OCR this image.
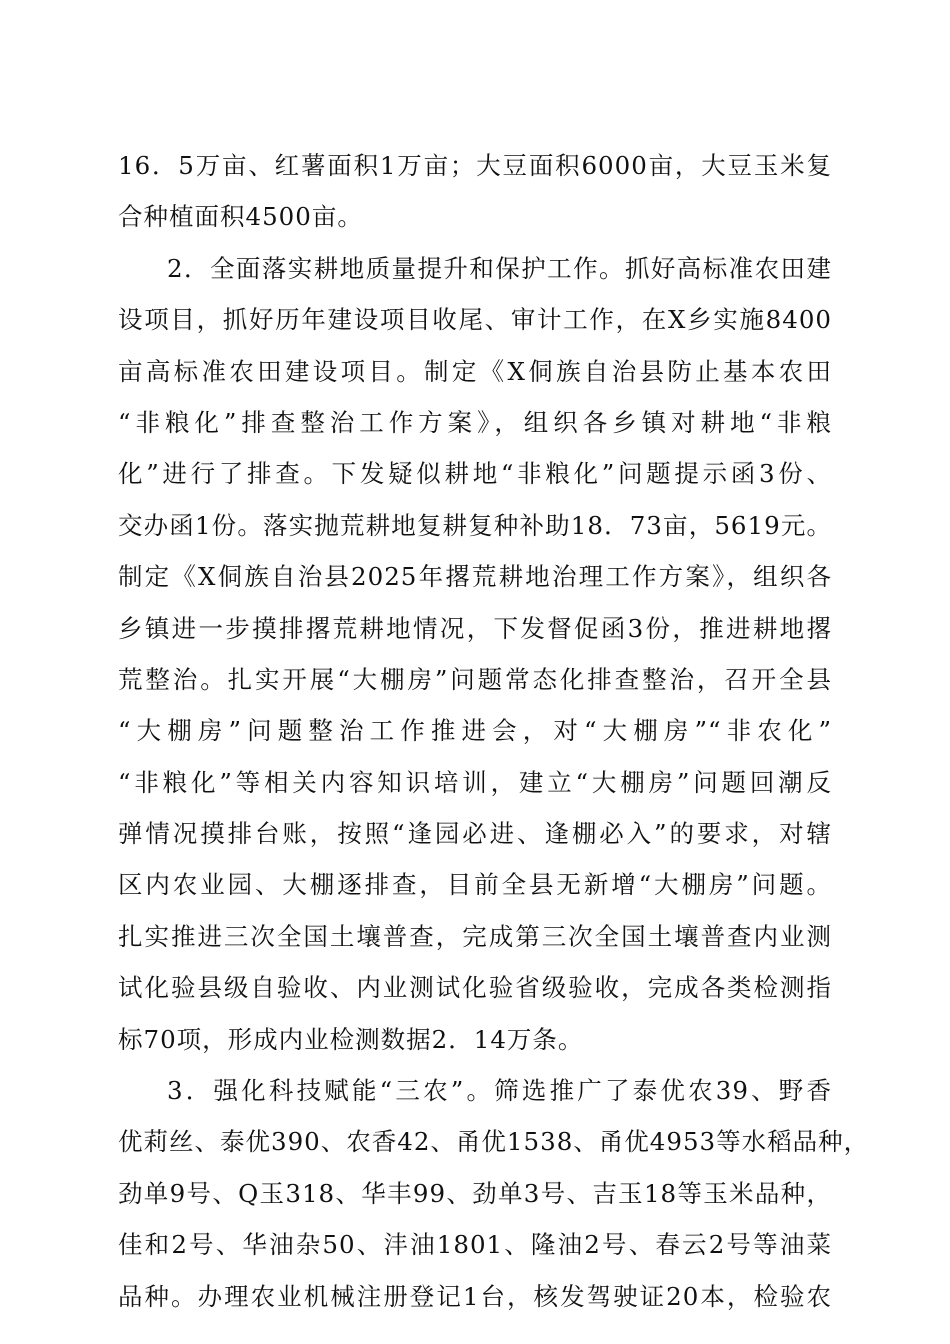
16．5万亩、红薯面积1万亩；大豆面积6000亩，大豆玉米复
合种植面积4500亩。
2．全面落实耕地质量提升和保护工作。抓好高标准农田建
设项目，抓好历年建设项目收尾、审计工作，在X乡实施8400
亩高标准农田建设项目。制定《X侗族自治县防止基本农田
“非粮化”排查整治工作方案》，组织各乡镇对耕地“非粮
化”进行了排查。下发疑似耕地“非粮化”问题提示函3份、
交办函1份。落实抛荒耕地复耕复种补助18．73亩，5619元。
制定《X侗族自治县2025年撂荒耕地治理工作方案》，组织各
乡镇进一步摸排撂荒耕地情况，下发督促函3份，推进耕地撂
荒整治。扎实开展“大棚房”问题常态化排查整治，召开全县
“大棚房”问题整治工作推进会，对“大棚房”“非农化”
“非粮化”等相关内容知识培训，建立“大棚房”问题回潮反
弹情况摸排台账，按照“逢园必进、逢棚必入”的要求，对辖
区内农业园、大棚逐排查，目前全县无新增“大棚房”问题。
扎实推进三次全国土壤普查，完成第三次全国土壤普查内业测
试化验县级自验收、内业测试化验省级验收，完成各类检测指
标70项，形成内业检测数据2．14万条。
3．强化科技赋能“三农”。筛选推广了泰优农39、野香
优莉丝、泰优390、农香42、甬优1538、甬优4953等水稻品种，
劲单9号、Q玉318、华丰99、劲单3号、吉玉18等玉米品种，
佳和2号、华油杂50、沣油1801、隆油2号、春云2号等油菜
品种。办理农业机械注册登记1台，核发驾驶证20本，检验农
